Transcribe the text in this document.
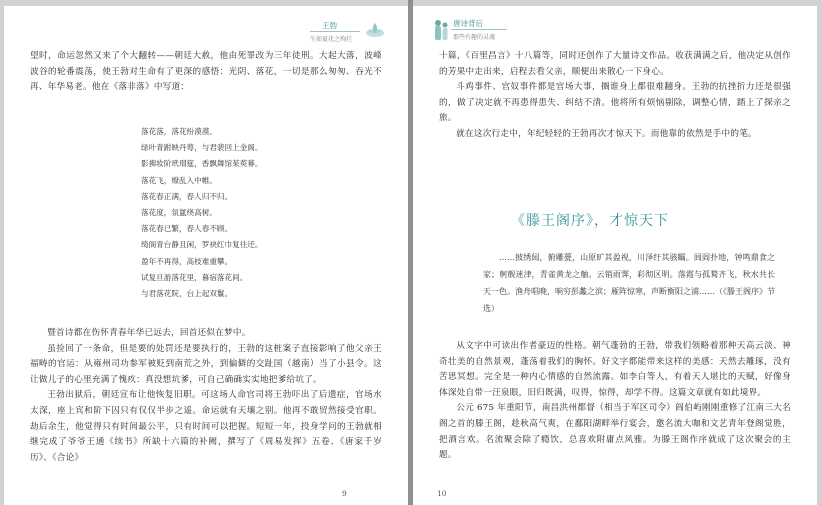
王勃
生如夏花之绚烂

望时，命运忽然又来了个大翻转——朝廷大赦，他由死罪改为三年徒刑。大起大落，波峰波谷的轮番震荡，使王勃对生命有了更深的感悟：光阴、落花，一切是那么匆匆、吞光不再、年华易老。他在《落非落》中写道：

落花落，落花纷漠漠。
绿叶青跗映丹萼，与君裴回上金阁。
影拂妆阶玳瑁筵，香飘舞馆茱萸幕。
落花飞，燎乱入中帷。
落花春正满，春人归不归。
落花度，氛氲绕高树。
落花春已繁，春人春不顾。
绮阁青台静且闲，罗袂红巾复往还。
盈年不再得，高枝难重攀。
试复旦游落花里，暮宿落花间。
与君落花院，台上起双鬟。

暨首诗都在伤怀青春年华已远去，回首还似在梦中。

虽捡回了一条命，但是要的处罚还是要执行的，王勃的这桩案子直接影响了他父亲王福畴的官运：从雍州司功参军被贬到南荒之外，到偏僻的交趾国（越南）当了小县令。这让做儿子的心里充满了愧疚：真没想坑爹，可自己确确实实地把爹给坑了。

王勃出狱后，朝廷宣布让他恢复旧职。可这场人命官司将王勃吓出了后遗症，官场水太深，座上宾和阶下囚只有仅仅半步之遥。命运就有天壤之别。他再不敢贸然接受官职。劫后余生，他觉得只有时间最公平，只有时间可以把握。短短一年，投身学问的王勃就相继完成了爷爷王通《续书》所缺十六篇的补阙，撰写了《周易发挥》五卷、《唐家千岁历》、《合论》

9
唐诗背后
那些有趣的灵魂

十篇，《百里昌言》十八篇等，同时还创作了大量诗文作品。收获满满之后，他决定从创作的芳果中走出来，启程去看父亲，顺便出来散心一下身心。

斗鸡事件、官奴事件都是官场大事，搁谁身上都很难翻身。王勃的抗挫折力还是很强的，做了决定就不再患得患失、纠结不清。他将所有烦恼剔除，调整心情，踏上了探亲之旅。

就在这次行走中，年纪轻轻的王勃再次才惊天下。而他靠的依然是手中的笔。

《滕王阁序》，才惊天下

……披绣闼，俯雕甍，山原旷其盈视，川泽纡其骇瞩。闾阎扑地，钟鸣鼎食之家；舸舰迷津，青雀黄龙之舳。云销雨霁，彩彻区明。落霞与孤鹜齐飞，秋水共长天一色。渔舟唱晚，响穷彭蠡之滨；雁阵惊寒，声断衡阳之浦……（《滕王阁序》节选）

从文字中可读出作者豪迈的性格。朝气蓬勃的王勃，带我们领略着那种天高云淡、神奇壮美的自然景观，蓬荡着我们的胸怀。好文字都能带来这样的美感：天然去雕琢，没有苦思冥想。完全是一种内心情感的自然流露。如李白等人，有着天人堪比的天赋，好像身体深处自带一汪泉眼，旧归既满，叹得，惊得，却学不得。这篇文章就有如此境界。

公元 675 年重阳节，南昌洪州都督（相当于军区司令）阎伯屿刚刚重修了江南三大名阁之首的滕王阁，趁秋高气爽，在鄱阳湖畔举行宴会，邀名流大咖和文艺青年登阁觉胜，把酒言欢。名流聚会除了瘾饮，总喜欢附庸点风雅。为滕王阁作序就成了这次聚会的主题。

10
